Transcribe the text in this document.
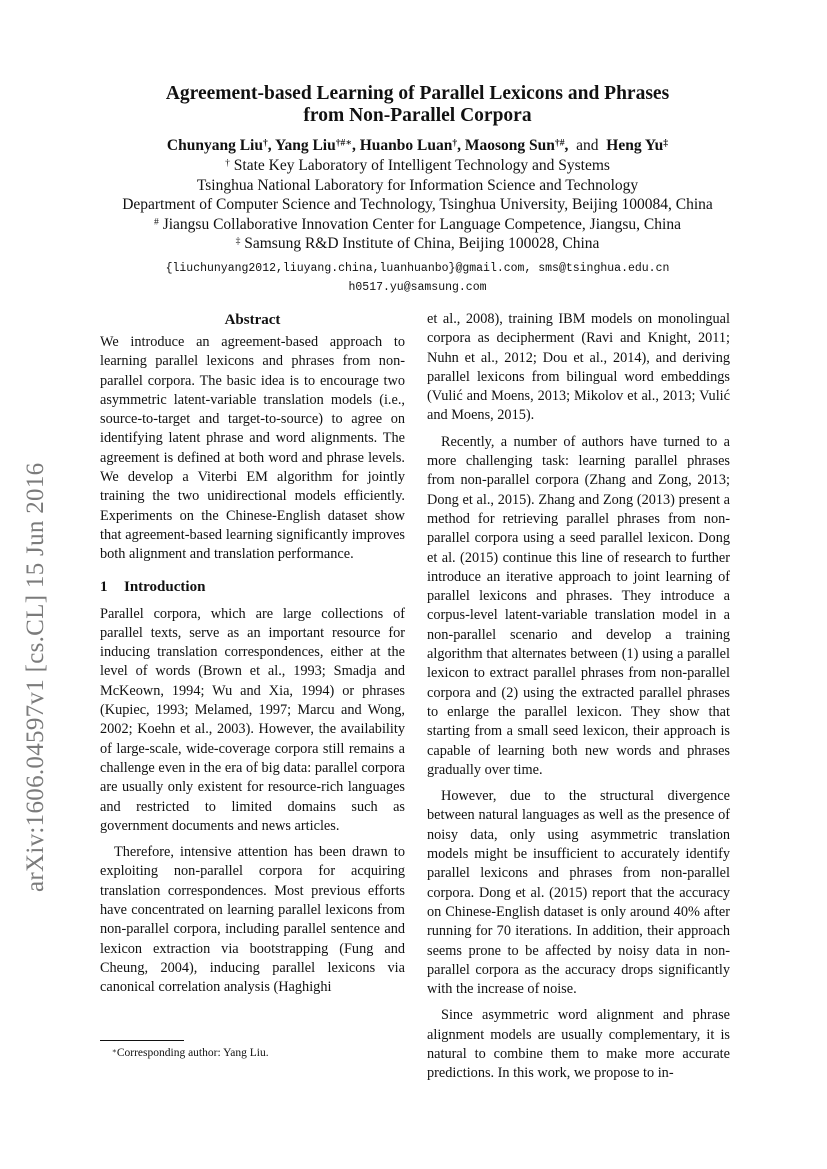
arXiv:1606.04597v1 [cs.CL] 15 Jun 2016
Agreement-based Learning of Parallel Lexicons and Phrases
from Non-Parallel Corpora
Chunyang Liu†, Yang Liu†#∗, Huanbo Luan†, Maosong Sun†#,  and Heng Yu‡
† State Key Laboratory of Intelligent Technology and Systems
Tsinghua National Laboratory for Information Science and Technology
Department of Computer Science and Technology, Tsinghua University, Beijing 100084, China
# Jiangsu Collaborative Innovation Center for Language Competence, Jiangsu, China
‡ Samsung R&D Institute of China, Beijing 100028, China
{liuchunyang2012,liuyang.china,luanhuanbo}@gmail.com, sms@tsinghua.edu.cn
h0517.yu@samsung.com
Abstract

We introduce an agreement-based approach to learning parallel lexicons and phrases from non-parallel corpora. The basic idea is to encourage two asymmetric latent-variable translation models (i.e., source-to-target and target-to-source) to agree on identifying latent phrase and word alignments. The agreement is defined at both word and phrase levels. We develop a Viterbi EM algorithm for jointly training the two unidirectional models efficiently. Experiments on the Chinese-English dataset show that agreement-based learning significantly improves both alignment and translation performance.

1 Introduction

Parallel corpora, which are large collections of parallel texts, serve as an important resource for inducing translation correspondences, either at the level of words (Brown et al., 1993; Smadja and McKeown, 1994; Wu and Xia, 1994) or phrases (Kupiec, 1993; Melamed, 1997; Marcu and Wong, 2002; Koehn et al., 2003). However, the availability of large-scale, wide-coverage corpora still remains a challenge even in the era of big data: parallel corpora are usually only existent for resource-rich languages and restricted to limited domains such as government documents and news articles.

Therefore, intensive attention has been drawn to exploiting non-parallel corpora for acquiring translation correspondences. Most previous efforts have concentrated on learning parallel lexicons from non-parallel corpora, including parallel sentence and lexicon extraction via bootstrapping (Fung and Cheung, 2004), inducing parallel lexicons via canonical correlation analysis (Haghighi

et al., 2008), training IBM models on monolingual corpora as decipherment (Ravi and Knight, 2011; Nuhn et al., 2012; Dou et al., 2014), and deriving parallel lexicons from bilingual word embeddings (Vulić and Moens, 2013; Mikolov et al., 2013; Vulić and Moens, 2015).

Recently, a number of authors have turned to a more challenging task: learning parallel phrases from non-parallel corpora (Zhang and Zong, 2013; Dong et al., 2015). Zhang and Zong (2013) present a method for retrieving parallel phrases from non-parallel corpora using a seed parallel lexicon. Dong et al. (2015) continue this line of research to further introduce an iterative approach to joint learning of parallel lexicons and phrases. They introduce a corpus-level latent-variable translation model in a non-parallel scenario and develop a training algorithm that alternates between (1) using a parallel lexicon to extract parallel phrases from non-parallel corpora and (2) using the extracted parallel phrases to enlarge the parallel lexicon. They show that starting from a small seed lexicon, their approach is capable of learning both new words and phrases gradually over time.

However, due to the structural divergence between natural languages as well as the presence of noisy data, only using asymmetric translation models might be insufficient to accurately identify parallel lexicons and phrases from non-parallel corpora. Dong et al. (2015) report that the accuracy on Chinese-English dataset is only around 40% after running for 70 iterations. In addition, their approach seems prone to be affected by noisy data in non-parallel corpora as the accuracy drops significantly with the increase of noise.

Since asymmetric word alignment and phrase alignment models are usually complementary, it is natural to combine them to make more accurate predictions. In this work, we propose to in-

∗Corresponding author: Yang Liu.
